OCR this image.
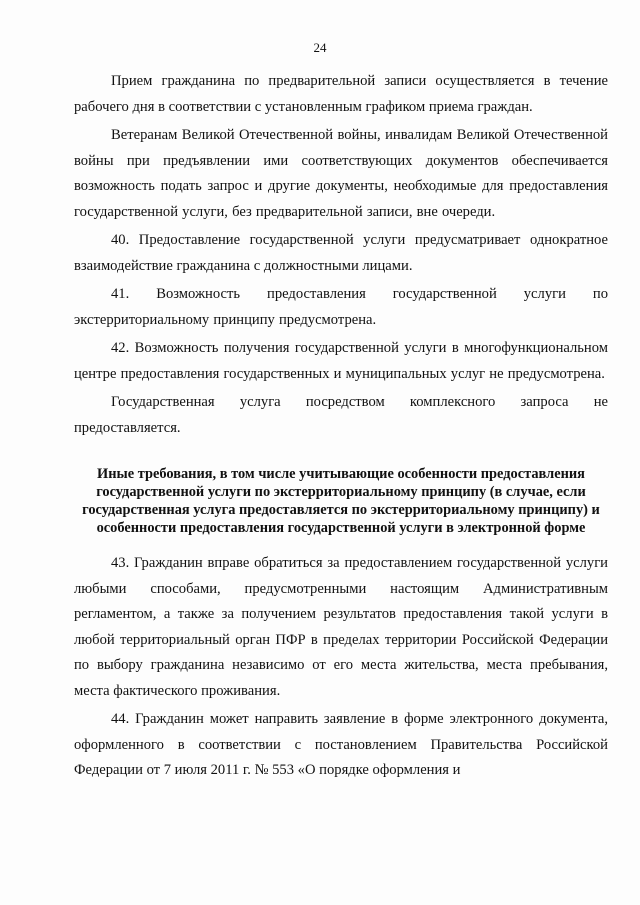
24

Прием гражданина по предварительной записи осуществляется в течение рабочего дня в соответствии с установленным графиком приема граждан.

Ветеранам Великой Отечественной войны, инвалидам Великой Отечественной войны при предъявлении ими соответствующих документов обеспечивается возможность подать запрос и другие документы, необходимые для предоставления государственной услуги, без предварительной записи, вне очереди.

40. Предоставление государственной услуги предусматривает однократное взаимодействие гражданина с должностными лицами.

41. Возможность предоставления государственной услуги по экстерриториальному принципу предусмотрена.

42. Возможность получения государственной услуги в многофункциональном центре предоставления государственных и муниципальных услуг не предусмотрена.

Государственная услуга посредством комплексного запроса не предоставляется.

Иные требования, в том числе учитывающие особенности предоставления государственной услуги по экстерриториальному принципу (в случае, если государственная услуга предоставляется по экстерриториальному принципу) и особенности предоставления государственной услуги в электронной форме

43. Гражданин вправе обратиться за предоставлением государственной услуги любыми способами, предусмотренными настоящим Административным регламентом, а также за получением результатов предоставления такой услуги в любой территориальный орган ПФР в пределах территории Российской Федерации по выбору гражданина независимо от его места жительства, места пребывания, места фактического проживания.

44. Гражданин может направить заявление в форме электронного документа, оформленного в соответствии с постановлением Правительства Российской Федерации от 7 июля 2011 г. № 553 «О порядке оформления и
